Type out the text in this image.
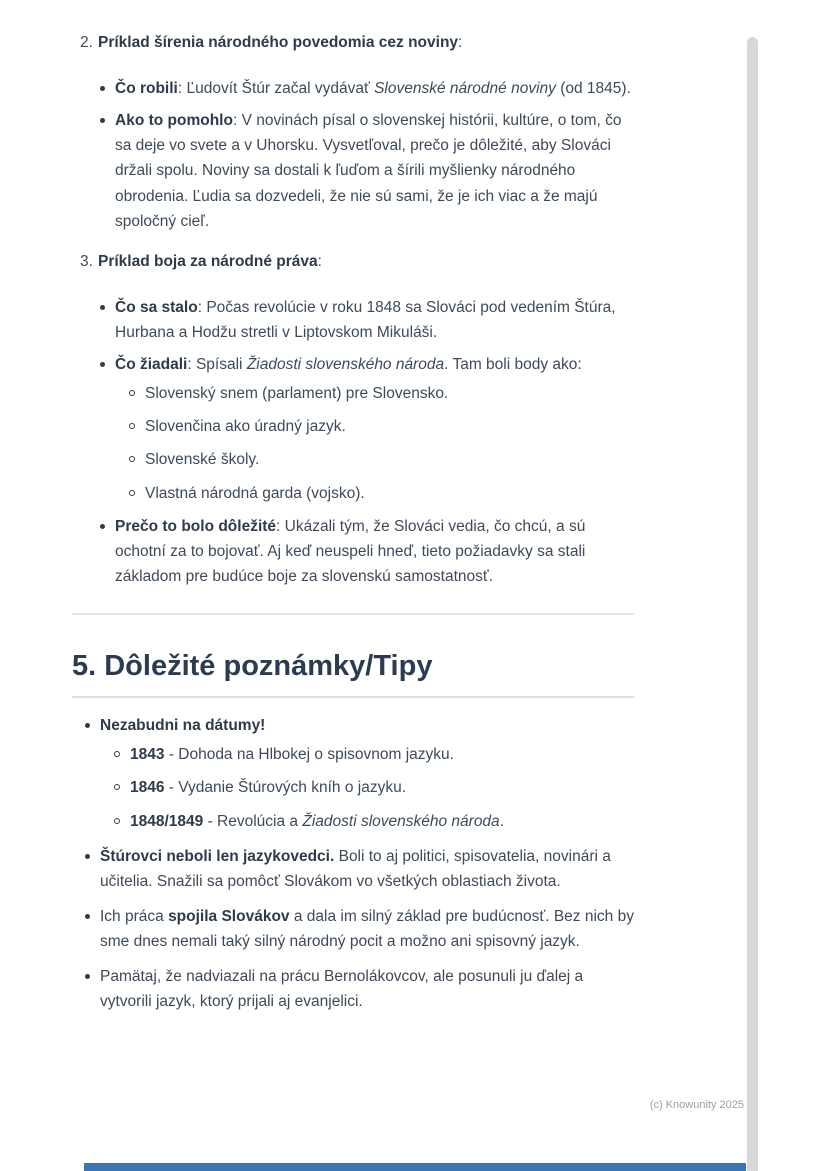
2. Príklad šírenia národného povedomia cez noviny:
Čo robili: Ľudovít Štúr začal vydávať Slovenské národné noviny (od 1845).
Ako to pomohlo: V novinách písal o slovenskej histórii, kultúre, o tom, čo sa deje vo svete a v Uhorsku. Vysvetľoval, prečo je dôležité, aby Slováci držali spolu. Noviny sa dostali k ľuďom a šírili myšlienky národného obrodenia. Ľudia sa dozvedeli, že nie sú sami, že je ich viac a že majú spoločný cieľ.
3. Príklad boja za národné práva:
Čo sa stalo: Počas revolúcie v roku 1848 sa Slováci pod vedením Štúra, Hurbana a Hodžu stretli v Liptovskom Mikuláši.
Čo žiadali: Spísali Žiadosti slovenského národa. Tam boli body ako:
Slovenský snem (parlament) pre Slovensko.
Slovenčina ako úradný jazyk.
Slovenské školy.
Vlastná národná garda (vojsko).
Prečo to bolo dôležité: Ukázali tým, že Slováci vedia, čo chcú, a sú ochotní za to bojovať. Aj keď neuspeli hneď, tieto požiadavky sa stali základom pre budúce boje za slovenskú samostatnosť.
5. Dôležité poznámky/Tipy
Nezabudni na dátumy!
1843 - Dohoda na Hlbokej o spisovnom jazyku.
1846 - Vydanie Štúrových kníh o jazyku.
1848/1849 - Revolúcia a Žiadosti slovenského národa.
Štúrovci neboli len jazykovedci. Boli to aj politici, spisovatelia, novinári a učitelia. Snažili sa pomôcť Slovákom vo všetkých oblastiach života.
Ich práca spojila Slovákov a dala im silný základ pre budúcnosť. Bez nich by sme dnes nemali taký silný národný pocit a možno ani spisovný jazyk.
Pamätaj, že nadviazali na prácu Bernolákovcov, ale posunuli ju ďalej a vytvorili jazyk, ktorý prijali aj evanjelici.
(c) Knowunity 2025
